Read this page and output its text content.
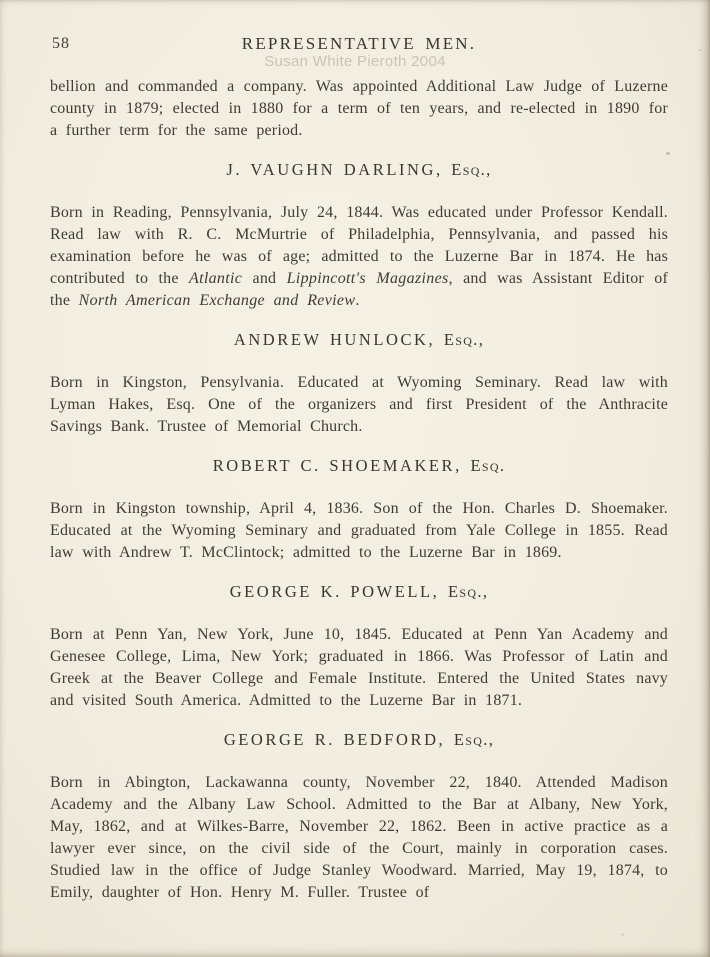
58	REPRESENTATIVE MEN.

bellion and commanded a company. Was appointed Additional Law Judge of Luzerne county in 1879; elected in 1880 for a term of ten years, and re-elected in 1890 for a further term for the same period.

J. VAUGHN DARLING, Esq.,

Born in Reading, Pennsylvania, July 24, 1844. Was educated under Professor Kendall. Read law with R. C. McMurtrie of Philadelphia, Pennsylvania, and passed his examination before he was of age; admitted to the Luzerne Bar in 1874. He has contributed to the Atlantic and Lippincott's Magazines, and was Assistant Editor of the North American Exchange and Review.

ANDREW HUNLOCK, Esq.,

Born in Kingston, Pensylvania. Educated at Wyoming Seminary. Read law with Lyman Hakes, Esq. One of the organizers and first President of the Anthracite Savings Bank. Trustee of Memorial Church.

ROBERT C. SHOEMAKER, Esq.

Born in Kingston township, April 4, 1836. Son of the Hon. Charles D. Shoemaker. Educated at the Wyoming Seminary and graduated from Yale College in 1855. Read law with Andrew T. McClintock; admitted to the Luzerne Bar in 1869.

GEORGE K. POWELL, Esq.,

Born at Penn Yan, New York, June 10, 1845. Educated at Penn Yan Academy and Genesee College, Lima, New York; graduated in 1866. Was Professor of Latin and Greek at the Beaver College and Female Institute. Entered the United States navy and visited South America. Admitted to the Luzerne Bar in 1871.

GEORGE R. BEDFORD, Esq.,

Born in Abington, Lackawanna county, November 22, 1840. Attended Madison Academy and the Albany Law School. Admitted to the Bar at Albany, New York, May, 1862, and at Wilkes-Barre, November 22, 1862. Been in active practice as a lawyer ever since, on the civil side of the Court, mainly in corporation cases. Studied law in the office of Judge Stanley Woodward. Married, May 19, 1874, to Emily, daughter of Hon. Henry M. Fuller. Trustee of

Susan White Pieroth 2004
